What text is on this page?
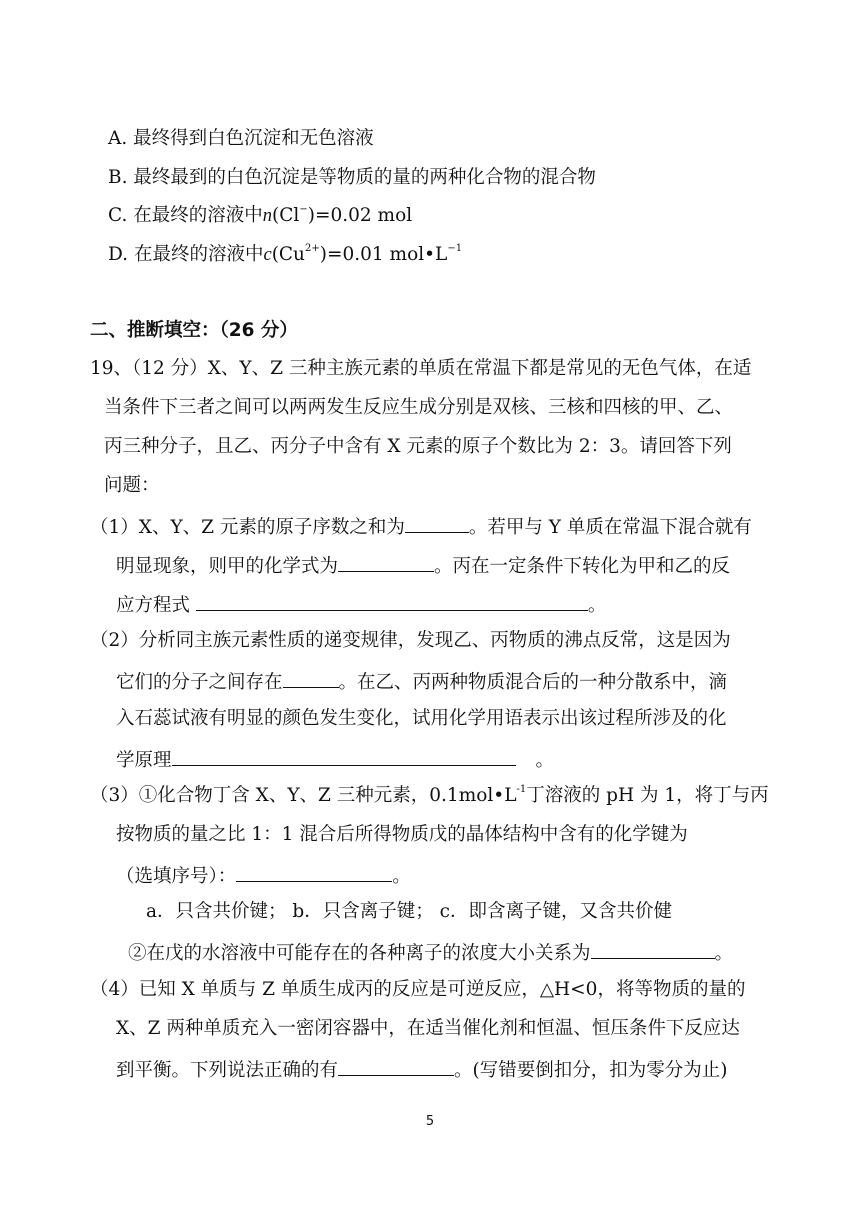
A. 最终得到白色沉淀和无色溶液
B. 最终最到的白色沉淀是等物质的量的两种化合物的混合物
C. 在最终的溶液中n(Cl−)=0.02 mol
D. 在最终的溶液中$c(Cu^{2+})=0.01$ $mol•L^{-1}$
二、推断填空：（26 分）
19、（12 分）X、Y、Z 三种主族元素的单质在常温下都是常见的无色气体，在适
当条件下三者之间可以两两发生反应生成分别是双核、三核和四核的甲、乙、
丙三种分子，且乙、丙分子中含有 X 元素的原子个数比为 2：3。请回答下列
问题：
（1）X、Y、Z 元素的原子序数之和为	。若甲与 Y 单质在常温下混合就有
明显现象，则甲的化学式为	。丙在一定条件下转化为甲和乙的反
应方程式	。
（2）分析同主族元素性质的递变规律，发现乙、丙物质的沸点反常，这是因为
它们的分子之间存在	。在乙、丙两种物质混合后的一种分散系中，滴
入石蕊试液有明显的颜色发生变化，试用化学用语表示出该过程所涉及的化
学原理	。
（3）①化合物丁含 X、Y、Z 三种元素，$0.1mol•L^{-1}$丁溶液的 pH 为 1，将丁与丙
按物质的量之比 1：1 混合后所得物质戊的晶体结构中含有的化学键为
（选填序号）：	。
a．只含共价键； b．只含离子键； c．即含离子键，又含共价健
②在戊的水溶液中可能存在的各种离子的浓度大小关系为	。
（4）已知 X 单质与 Z 单质生成丙的反应是可逆反应，△H<0，将等物质的量的
X、Z 两种单质充入一密闭容器中，在适当催化剂和恒温、恒压条件下反应达
到平衡。下列说法正确的有	。(写错要倒扣分，扣为零分为止)
5
